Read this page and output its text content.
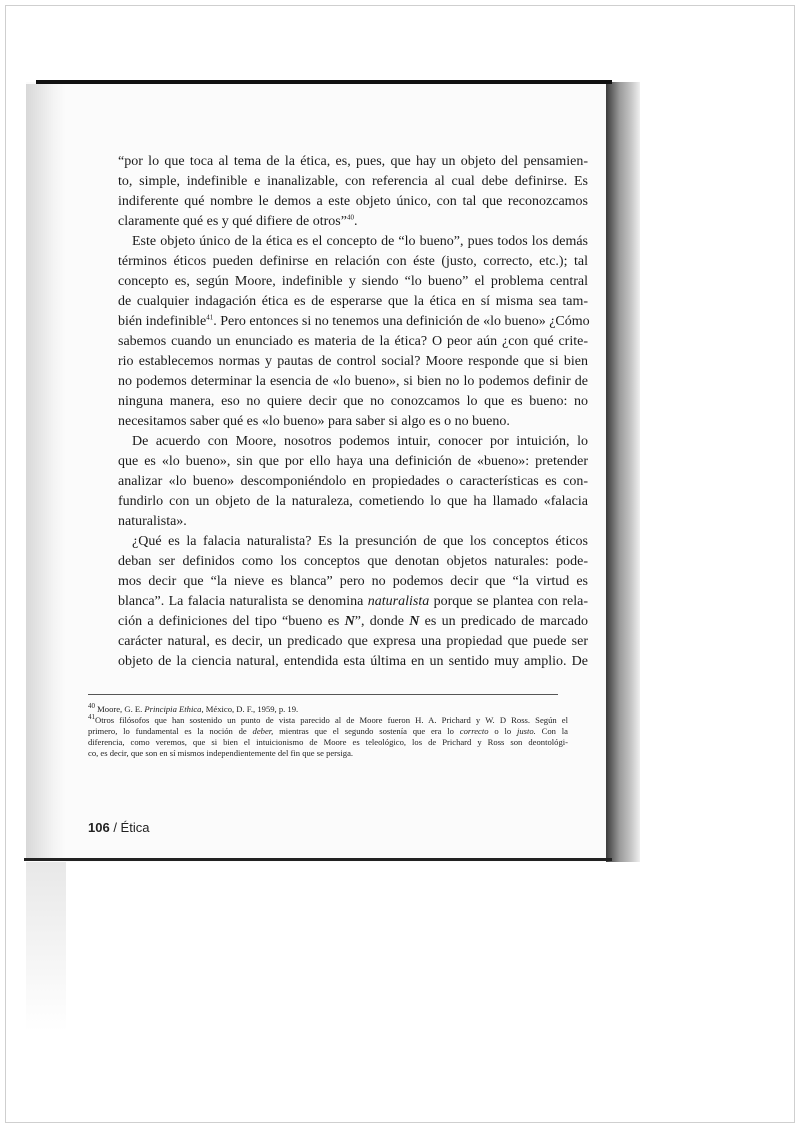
“por lo que toca al tema de la ética, es, pues, que hay un objeto del pensamien-
to, simple, indefinible e inanalizable, con referencia al cual debe definirse. Es
indiferente qué nombre le demos a este objeto único, con tal que reconozcamos
claramente qué es y qué difiere de otros”$^{40}$.
Este objeto único de la ética es el concepto de “lo bueno”, pues todos los demás
términos éticos pueden definirse en relación con éste (justo, correcto, etc.); tal
concepto es, según Moore, indefinible y siendo “lo bueno” el problema central
de cualquier indagación ética es de esperarse que la ética en sí misma sea tam-
bién indefinible$^{41}$. Pero entonces si no tenemos una definición de «lo bueno» ¿Cómo
sabemos cuando un enunciado es materia de la ética? O peor aún ¿con qué crite-
rio establecemos normas y pautas de control social? Moore responde que si bien
no podemos determinar la esencia de «lo bueno», si bien no lo podemos definir de
ninguna manera, eso no quiere decir que no conozcamos lo que es bueno: no
necesitamos saber qué es «lo bueno» para saber si algo es o no bueno.
De acuerdo con Moore, nosotros podemos intuir, conocer por intuición, lo
que es «lo bueno», sin que por ello haya una definición de «bueno»: pretender
analizar «lo bueno» descomponiéndolo en propiedades o características es con-
fundirlo con un objeto de la naturaleza, cometiendo lo que ha llamado «falacia
naturalista».
¿Qué es la falacia naturalista? Es la presunción de que los conceptos éticos
deban ser definidos como los conceptos que denotan objetos naturales: pode-
mos decir que “la nieve es blanca” pero no podemos decir que “la virtud es
blanca”. La falacia naturalista se denomina naturalista porque se plantea con rela-
ción a definiciones del tipo “bueno es N”, donde N es un predicado de marcado
carácter natural, es decir, un predicado que expresa una propiedad que puede ser
objeto de la ciencia natural, entendida esta última en un sentido muy amplio. De
$^{40}$ Moore, G. E. Principia Ethica, México, D. F., 1959, p. 19.
$^{41}$Otros filósofos que han sostenido un punto de vista parecido al de Moore fueron H. A. Prichard y W. D Ross. Según el
primero, lo fundamental es la noción de deber, mientras que el segundo sostenía que era lo correcto o lo justo. Con la
diferencia, como veremos, que si bien el intuicionismo de Moore es teleológico, los de Prichard y Ross son deontológi-
co, es decir, que son en sí mismos independientemente del fin que se persiga.
106 / Ética
